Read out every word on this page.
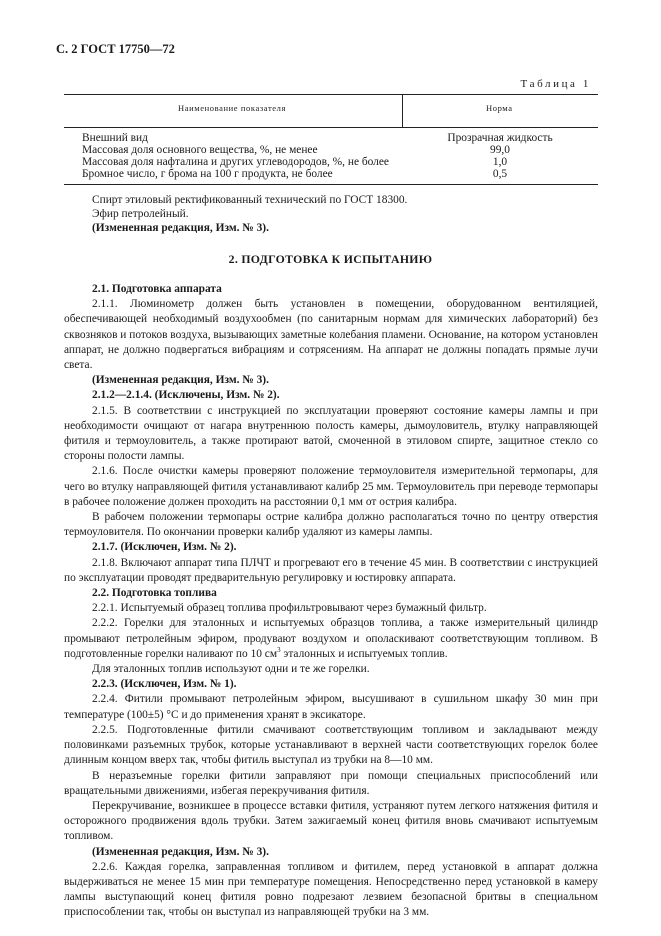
С. 2 ГОСТ 17750—72
Таблица 1
Наименование показателя	Норма
Внешний вид	Прозрачная жидкость
Массовая доля основного вещества, %, не менее	99,0
Массовая доля нафталина и других углеводородов, %, не более	1,0
Бромное число, г брома на 100 г продукта, не более	0,5
Спирт этиловый ректификованный технический по ГОСТ 18300.
Эфир петролейный.
(Измененная редакция, Изм. № 3).
2. ПОДГОТОВКА К ИСПЫТАНИЮ

2.1. Подготовка аппарата

2.1.1. Люминометр должен быть установлен в помещении, оборудованном вентиляцией, обеспечивающей необходимый воздухообмен (по санитарным нормам для химических лабораторий) без сквозняков и потоков воздуха, вызывающих заметные колебания пламени. Основание, на котором установлен аппарат, не должно подвергаться вибрациям и сотрясениям. На аппарат не должны попадать прямые лучи света.

(Измененная редакция, Изм. № 3).

2.1.2—2.1.4. (Исключены, Изм. № 2).

2.1.5. В соответствии с инструкцией по эксплуатации проверяют состояние камеры лампы и при необходимости очищают от нагара внутреннюю полость камеры, дымоуловитель, втулку направляющей фитиля и термоуловитель, а также протирают ватой, смоченной в этиловом спирте, защитное стекло со стороны полости лампы.

2.1.6. После очистки камеры проверяют положение термоуловителя измерительной термопары, для чего во втулку направляющей фитиля устанавливают калибр 25 мм. Термоуловитель при переводе термопары в рабочее положение должен проходить на расстоянии 0,1 мм от острия калибра.

В рабочем положении термопары острие калибра должно располагаться точно по центру отверстия термоуловителя. По окончании проверки калибр удаляют из камеры лампы.

2.1.7. (Исключен, Изм. № 2).

2.1.8. Включают аппарат типа ПЛЧТ и прогревают его в течение 45 мин. В соответствии с инструкцией по эксплуатации проводят предварительную регулировку и юстировку аппарата.

2.2. Подготовка топлива

2.2.1. Испытуемый образец топлива профильтровывают через бумажный фильтр.

2.2.2. Горелки для эталонных и испытуемых образцов топлива, а также измерительный цилиндр промывают петролейным эфиром, продувают воздухом и ополаскивают соответствующим топливом. В подготовленные горелки наливают по 10 $см^3$ эталонных и испытуемых топлив.

Для эталонных топлив используют одни и те же горелки.

2.2.3. (Исключен, Изм. № 1).

2.2.4. Фитили промывают петролейным эфиром, высушивают в сушильном шкафу 30 мин при температуре (100±5) °С и до применения хранят в эксикаторе.

2.2.5. Подготовленные фитили смачивают соответствующим топливом и закладывают между половинками разъемных трубок, которые устанавливают в верхней части соответствующих горелок более длинным концом вверх так, чтобы фитиль выступал из трубки на 8—10 мм.

В неразъемные горелки фитили заправляют при помощи специальных приспособлений или вращательными движениями, избегая перекручивания фитиля.

Перекручивание, возникшее в процессе вставки фитиля, устраняют путем легкого натяжения фитиля и осторожного продвижения вдоль трубки. Затем зажигаемый конец фитиля вновь смачивают испытуемым топливом.

(Измененная редакция, Изм. № 3).

2.2.6. Каждая горелка, заправленная топливом и фитилем, перед установкой в аппарат должна выдерживаться не менее 15 мин при температуре помещения. Непосредственно перед установкой в камеру лампы выступающий конец фитиля ровно подрезают лезвием безопасной бритвы в специальном приспособлении так, чтобы он выступал из направляющей трубки на 3 мм.
